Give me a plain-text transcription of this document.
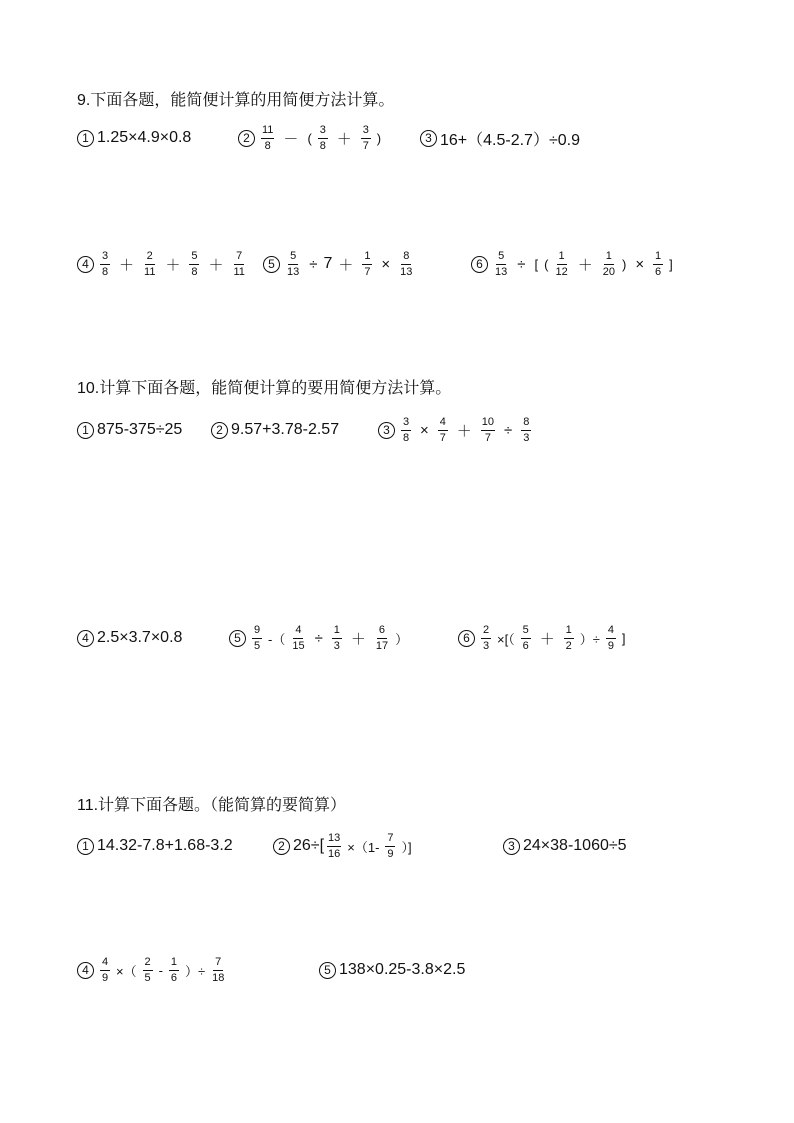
9.下面各题，能简便计算的用简便方法计算。
1 1.25×4.9×0.8	2	$\frac{11}{8}$ － ( $\frac{3}{8} + \frac{3}{7}$ )	3 16+（4.5-2.7）÷0.9
4	$\frac{3}{8} + \frac{2}{11} + \frac{5}{8} + \frac{7}{11}$	5	$\frac{5}{13} \div 7 + \frac{1}{7} \times \frac{8}{13}$	6	$\frac{5}{13}$ ÷ [ ( $\frac{1}{12} + \frac{1}{20}$ ) × $\frac{1}{6}$ ]
10.计算下面各题，能简便计算的要用简便方法计算。
1 875-375÷25	2 9.57+3.78-2.57	3	$\frac{3}{8} \times \frac{4}{7} + \frac{10}{7} \div \frac{8}{3}$
4 2.5×3.7×0.8	5	$\frac{9}{5}$ -（ $\frac{4}{15} \div \frac{1}{3} + \frac{6}{17}$ ）	6	$\frac{2}{3}$ ×[（ $\frac{5}{6} + \frac{1}{2}$ ）÷ $\frac{4}{9}$ ]
11.计算下面各题。（能简算的要简算）
1 14.32-7.8+1.68-3.2	2 $26\div[ \frac{13}{16} \times(1- \frac{7}{9}$ ）]	3 24×38-1060÷5
4	$\frac{4}{9}$ ×（ $\frac{2}{5} - \frac{1}{6}$ ）÷ $\frac{7}{18}$	5 138×0.25-3.8×2.5
